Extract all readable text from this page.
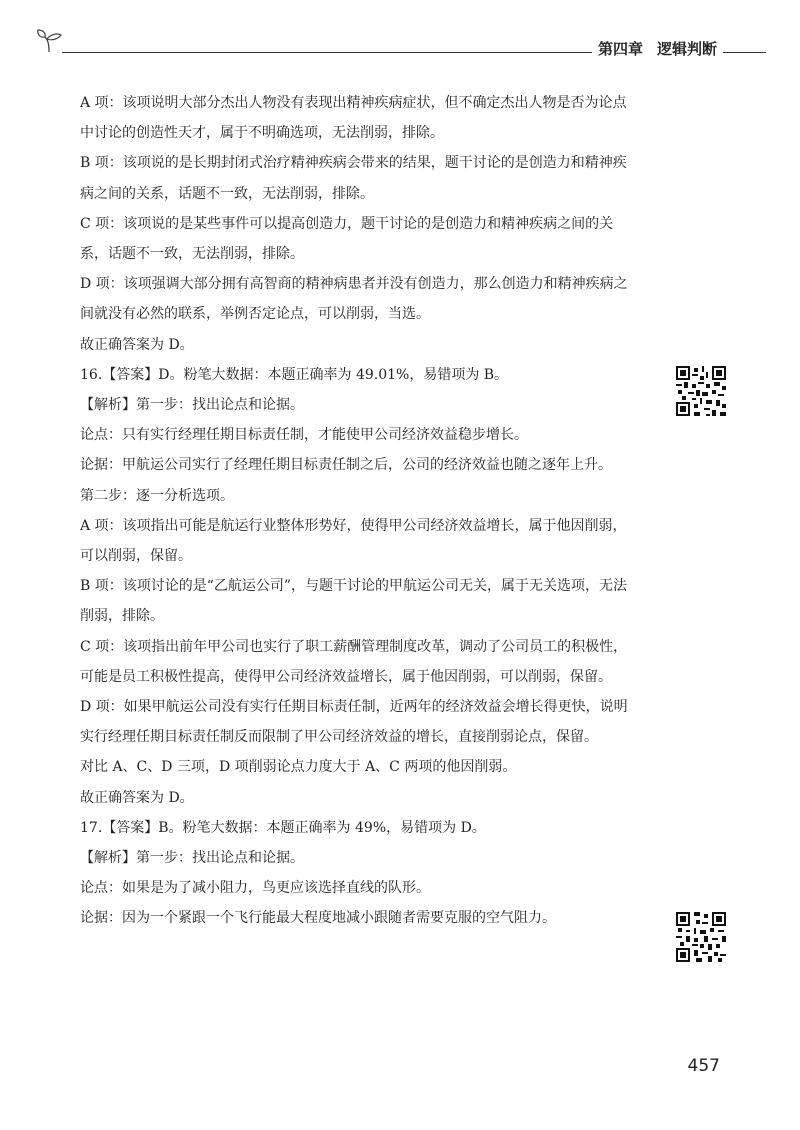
第四章 逻辑判断

A 项：该项说明大部分杰出人物没有表现出精神疾病症状，但不确定杰出人物是否为论点中讨论的创造性天才，属于不明确选项，无法削弱，排除。

B 项：该项说的是长期封闭式治疗精神疾病会带来的结果，题干讨论的是创造力和精神疾病之间的关系，话题不一致，无法削弱，排除。

C 项：该项说的是某些事件可以提高创造力，题干讨论的是创造力和精神疾病之间的关系，话题不一致，无法削弱，排除。

D 项：该项强调大部分拥有高智商的精神病患者并没有创造力，那么创造力和精神疾病之间就没有必然的联系，举例否定论点，可以削弱，当选。

故正确答案为 D。

16.【答案】D。粉笔大数据：本题正确率为 49.01%，易错项为 B。

【解析】第一步：找出论点和论据。

论点：只有实行经理任期目标责任制，才能使甲公司经济效益稳步增长。

论据：甲航运公司实行了经理任期目标责任制之后，公司的经济效益也随之逐年上升。

第二步：逐一分析选项。

A 项：该项指出可能是航运行业整体形势好，使得甲公司经济效益增长，属于他因削弱，可以削弱，保留。

B 项：该项讨论的是“乙航运公司”，与题干讨论的甲航运公司无关，属于无关选项，无法削弱，排除。

C 项：该项指出前年甲公司也实行了职工薪酬管理制度改革，调动了公司员工的积极性，可能是员工积极性提高，使得甲公司经济效益增长，属于他因削弱，可以削弱，保留。

D 项：如果甲航运公司没有实行任期目标责任制，近两年的经济效益会增长得更快，说明实行经理任期目标责任制反而限制了甲公司经济效益的增长，直接削弱论点，保留。

对比 A、C、D 三项，D 项削弱论点力度大于 A、C 两项的他因削弱。

故正确答案为 D。

17.【答案】B。粉笔大数据：本题正确率为 49%，易错项为 D。

【解析】第一步：找出论点和论据。

论点：如果是为了减小阻力，鸟更应该选择直线的队形。

论据：因为一个紧跟一个飞行能最大程度地减小跟随者需要克服的空气阻力。

457
